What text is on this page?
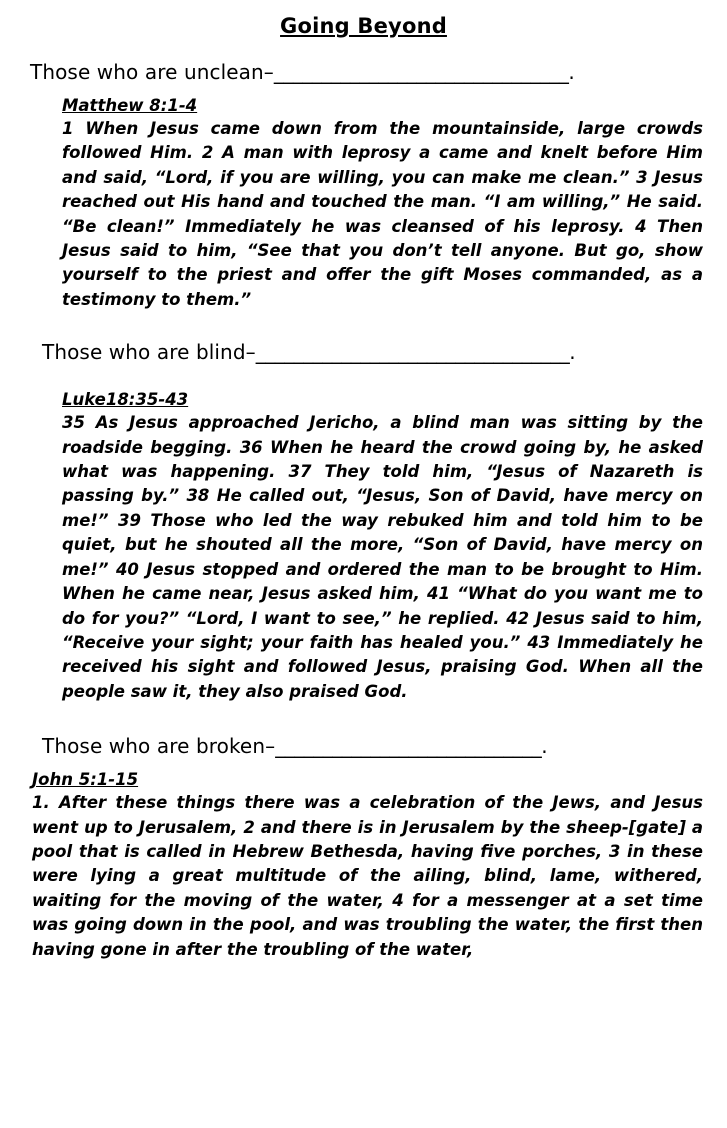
Going Beyond
Those who are unclean–_______________________________.
Matthew 8:1-4
1 When Jesus came down from the mountainside, large crowds followed Him. 2 A man with leprosy a came and knelt before Him and said, “Lord, if you are willing, you can make me clean.” 3 Jesus reached out His hand and touched the man. “I am willing,” He said. “Be clean!” Immediately he was cleansed of his leprosy. 4 Then Jesus said to him, “See that you don’t tell anyone. But go, show yourself to the priest and offer the gift Moses commanded, as a testimony to them.”
Those who are blind–_________________________________.
Luke18:35-43
35 As Jesus approached Jericho, a blind man was sitting by the roadside begging. 36 When he heard the crowd going by, he asked what was happening. 37 They told him, “Jesus of Nazareth is passing by.” 38 He called out, “Jesus, Son of David, have mercy on me!” 39 Those who led the way rebuked him and told him to be quiet, but he shouted all the more, “Son of David, have mercy on me!” 40 Jesus stopped and ordered the man to be brought to Him. When he came near, Jesus asked him, 41 “What do you want me to do for you?” “Lord, I want to see,” he replied. 42 Jesus said to him, “Receive your sight; your faith has healed you.” 43 Immediately he received his sight and followed Jesus, praising God. When all the people saw it, they also praised God.
Those who are broken–____________________________.
John 5:1-15
1. After these things there was a celebration of the Jews, and Jesus went up to Jerusalem, 2 and there is in Jerusalem by the sheep-[gate] a pool that is called in Hebrew Bethesda, having five porches, 3 in these were lying a great multitude of the ailing, blind, lame, withered, waiting for the moving of the water, 4 for a messenger at a set time was going down in the pool, and was troubling the water, the first then having gone in after the troubling of the water,
